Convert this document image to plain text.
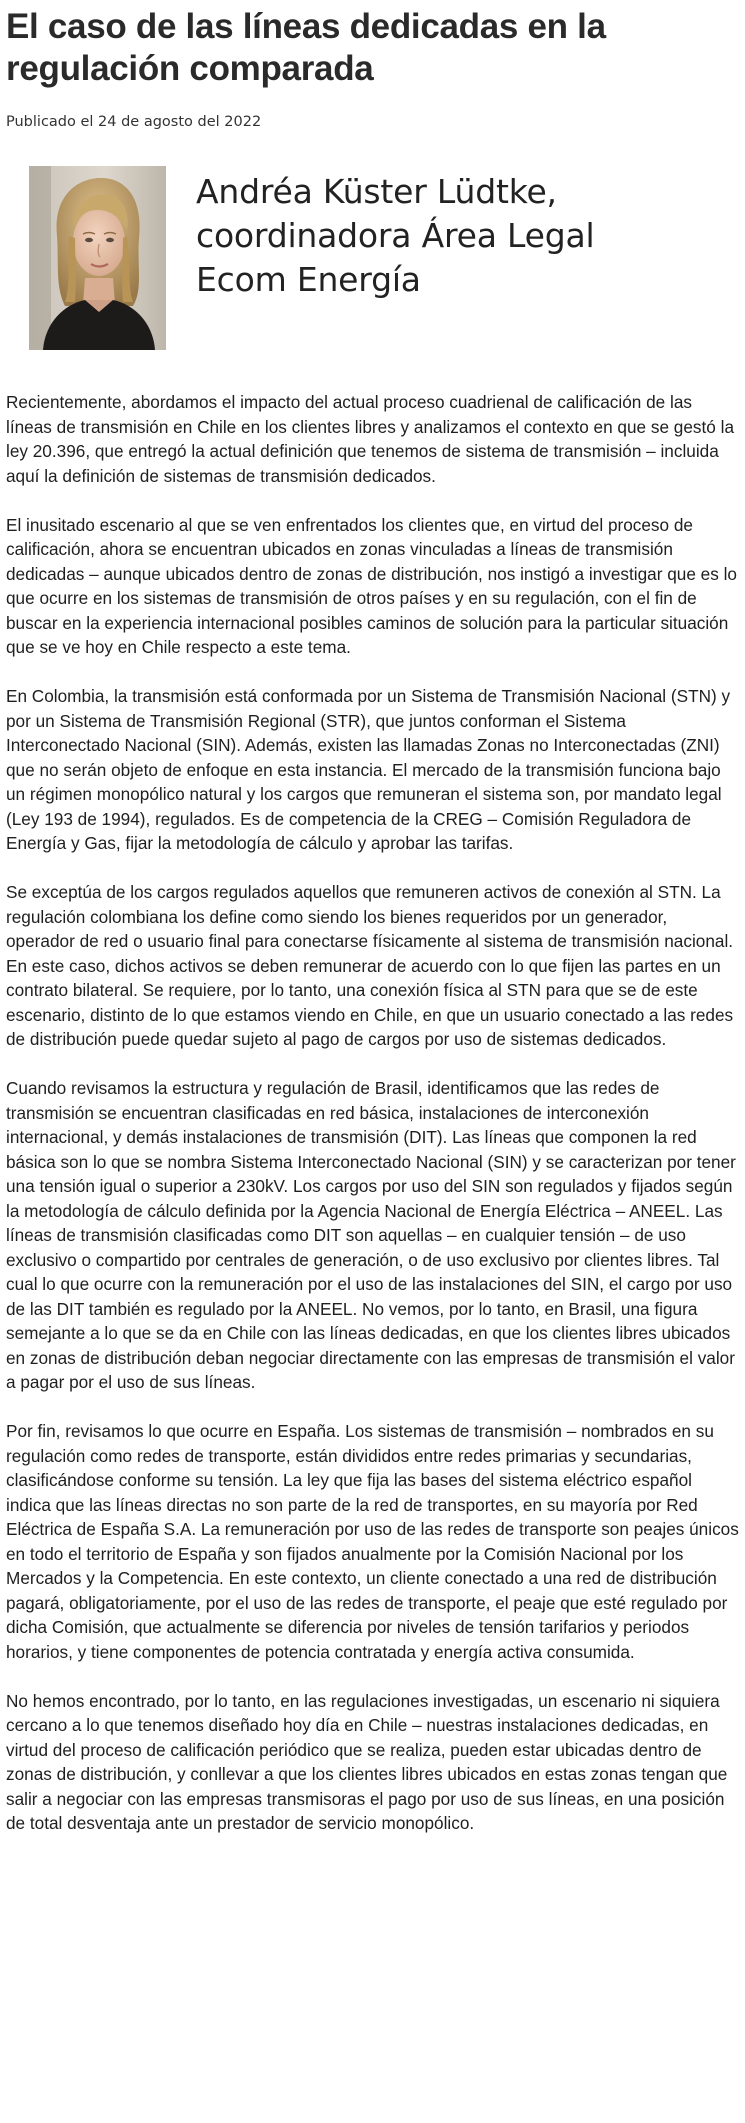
El caso de las líneas dedicadas en la regulación comparada
Publicado el 24 de agosto del 2022
Andréa Küster Lüdtke,
coordinadora Área Legal
Ecom Energía

Recientemente, abordamos el impacto del actual proceso cuadrienal de calificación de las líneas de transmisión en Chile en los clientes libres y analizamos el contexto en que se gestó la ley 20.396, que entregó la actual definición que tenemos de sistema de transmisión – incluida aquí la definición de sistemas de transmisión dedicados.

El inusitado escenario al que se ven enfrentados los clientes que, en virtud del proceso de calificación, ahora se encuentran ubicados en zonas vinculadas a líneas de transmisión dedicadas – aunque ubicados dentro de zonas de distribución, nos instigó a investigar que es lo que ocurre en los sistemas de transmisión de otros países y en su regulación, con el fin de buscar en la experiencia internacional posibles caminos de solución para la particular situación que se ve hoy en Chile respecto a este tema.

En Colombia, la transmisión está conformada por un Sistema de Transmisión Nacional (STN) y por un Sistema de Transmisión Regional (STR), que juntos conforman el Sistema Interconectado Nacional (SIN). Además, existen las llamadas Zonas no Interconectadas (ZNI) que no serán objeto de enfoque en esta instancia. El mercado de la transmisión funciona bajo un régimen monopólico natural y los cargos que remuneran el sistema son, por mandato legal (Ley 193 de 1994), regulados. Es de competencia de la CREG – Comisión Reguladora de Energía y Gas, fijar la metodología de cálculo y aprobar las tarifas.

Se exceptúa de los cargos regulados aquellos que remuneren activos de conexión al STN. La regulación colombiana los define como siendo los bienes requeridos por un generador, operador de red o usuario final para conectarse físicamente al sistema de transmisión nacional. En este caso, dichos activos se deben remunerar de acuerdo con lo que fijen las partes en un contrato bilateral. Se requiere, por lo tanto, una conexión física al STN para que se de este escenario, distinto de lo que estamos viendo en Chile, en que un usuario conectado a las redes de distribución puede quedar sujeto al pago de cargos por uso de sistemas dedicados.

Cuando revisamos la estructura y regulación de Brasil, identificamos que las redes de transmisión se encuentran clasificadas en red básica, instalaciones de interconexión internacional, y demás instalaciones de transmisión (DIT). Las líneas que componen la red básica son lo que se nombra Sistema Interconectado Nacional (SIN) y se caracterizan por tener una tensión igual o superior a 230kV. Los cargos por uso del SIN son regulados y fijados según la metodología de cálculo definida por la Agencia Nacional de Energía Eléctrica – ANEEL. Las líneas de transmisión clasificadas como DIT son aquellas – en cualquier tensión – de uso exclusivo o compartido por centrales de generación, o de uso exclusivo por clientes libres. Tal cual lo que ocurre con la remuneración por el uso de las instalaciones del SIN, el cargo por uso de las DIT también es regulado por la ANEEL. No vemos, por lo tanto, en Brasil, una figura semejante a lo que se da en Chile con las líneas dedicadas, en que los clientes libres ubicados en zonas de distribución deban negociar directamente con las empresas de transmisión el valor a pagar por el uso de sus líneas.

Por fin, revisamos lo que ocurre en España. Los sistemas de transmisión – nombrados en su regulación como redes de transporte, están divididos entre redes primarias y secundarias, clasificándose conforme su tensión. La ley que fija las bases del sistema eléctrico español indica que las líneas directas no son parte de la red de transportes, en su mayoría por Red Eléctrica de España S.A. La remuneración por uso de las redes de transporte son peajes únicos en todo el territorio de España y son fijados anualmente por la Comisión Nacional por los Mercados y la Competencia. En este contexto, un cliente conectado a una red de distribución pagará, obligatoriamente, por el uso de las redes de transporte, el peaje que esté regulado por dicha Comisión, que actualmente se diferencia por niveles de tensión tarifarios y periodos horarios, y tiene componentes de potencia contratada y energía activa consumida.

No hemos encontrado, por lo tanto, en las regulaciones investigadas, un escenario ni siquiera cercano a lo que tenemos diseñado hoy día en Chile – nuestras instalaciones dedicadas, en virtud del proceso de calificación periódico que se realiza, pueden estar ubicadas dentro de zonas de distribución, y conllevar a que los clientes libres ubicados en estas zonas tengan que salir a negociar con las empresas transmisoras el pago por uso de sus líneas, en una posición de total desventaja ante un prestador de servicio monopólico.
